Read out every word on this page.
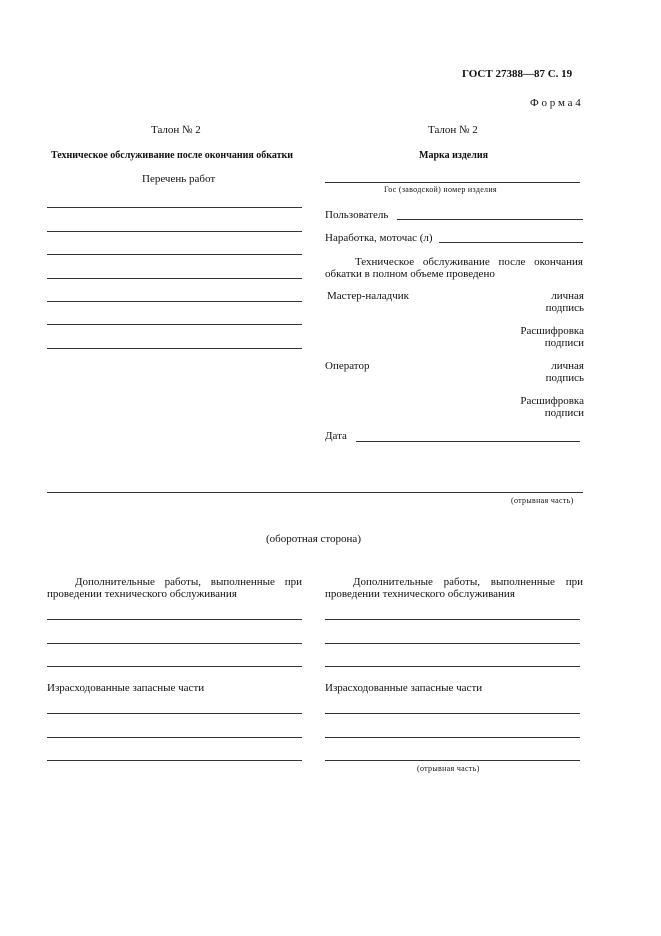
ГОСТ 27388—87 С. 19
Ф о р м а 4
Талон № 2
Техническое обслуживание после окончания обкатки
Перечень работ
Талон № 2
Марка изделия
Гос (заводской) номер изделия
Пользователь
Наработка, моточас (л)
Техническое обслуживание после окончания
обкатки в полном объеме проведено
Мастер-наладчик	личная
подпись
Расшифровка
подписи
Оператор	личная
подпись
Расшифровка
подписи
Дата
(отрывная часть)
(оборотная сторона)
Дополнительные работы, выполненные при
проведении технического обслуживания
Израсходованные запасные части
Дополнительные работы, выполненные при
проведении технического обслуживания
Израсходованные запасные части
(отрывная часть)
